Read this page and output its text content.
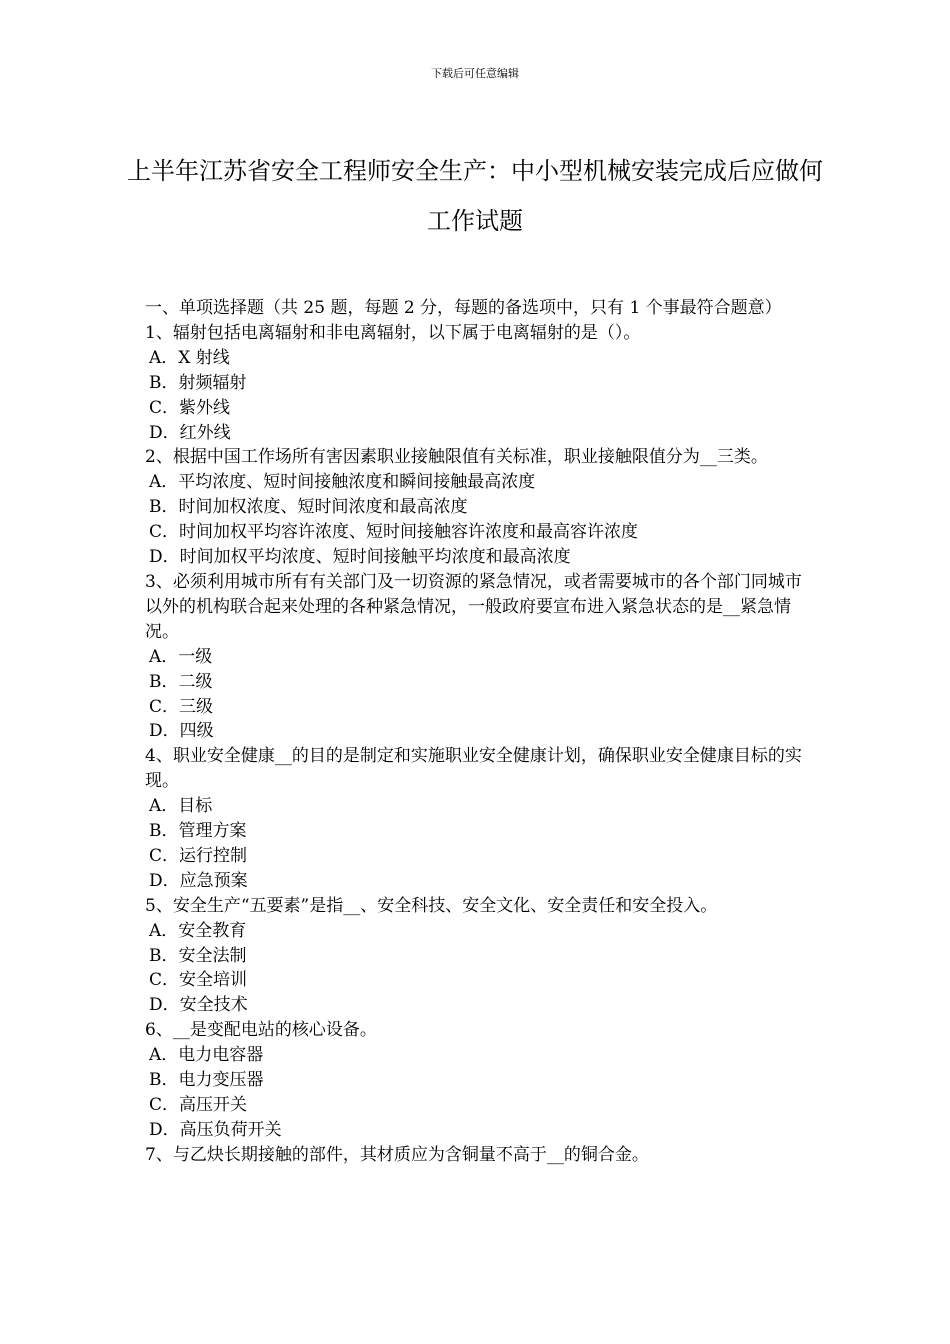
下载后可任意编辑
上半年江苏省安全工程师安全生产：中小型机械安装完成后应做何工作试题

一、单项选择题（共 25 题，每题 2 分，每题的备选项中，只有 1 个事最符合题意）

1、辐射包括电离辐射和非电离辐射，以下属于电离辐射的是（）。

A．X 射线

B．射频辐射

C．紫外线

D．红外线

2、根据中国工作场所有害因素职业接触限值有关标准，职业接触限值分为__三类。

A．平均浓度、短时间接触浓度和瞬间接触最高浓度

B．时间加权浓度、短时间浓度和最高浓度

C．时间加权平均容许浓度、短时间接触容许浓度和最高容许浓度

D．时间加权平均浓度、短时间接触平均浓度和最高浓度

3、必须利用城市所有有关部门及一切资源的紧急情况，或者需要城市的各个部门同城市以外的机构联合起来处理的各种紧急情况，一般政府要宣布进入紧急状态的是__紧急情况。

A．一级

B．二级

C．三级

D．四级

4、职业安全健康__的目的是制定和实施职业安全健康计划，确保职业安全健康目标的实现。

A．目标

B．管理方案

C．运行控制

D．应急预案

5、安全生产“五要素”是指__、安全科技、安全文化、安全责任和安全投入。

A．安全教育

B．安全法制

C．安全培训

D．安全技术

6、__是变配电站的核心设备。

A．电力电容器

B．电力变压器

C．高压开关

D．高压负荷开关

7、与乙炔长期接触的部件，其材质应为含铜量不高于__的铜合金。
